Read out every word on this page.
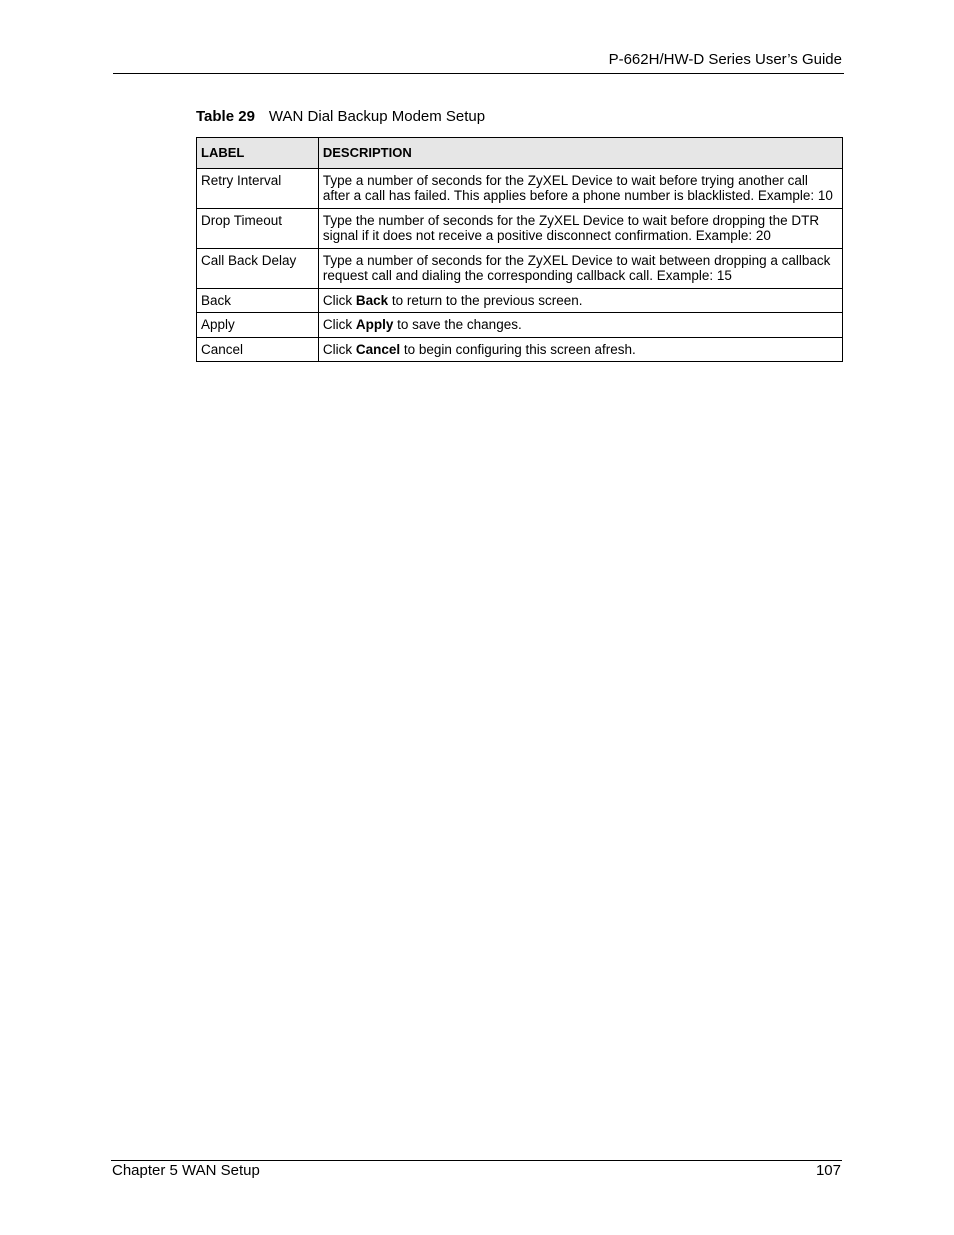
P-662H/HW-D Series User’s Guide
Table 29 WAN Dial Backup Modem Setup
LABEL	DESCRIPTION
Retry Interval	Type a number of seconds for the ZyXEL Device to wait before trying another call after a call has failed. This applies before a phone number is blacklisted. Example: 10
Drop Timeout	Type the number of seconds for the ZyXEL Device to wait before dropping the DTR signal if it does not receive a positive disconnect confirmation. Example: 20
Call Back Delay	Type a number of seconds for the ZyXEL Device to wait between dropping a callback request call and dialing the corresponding callback call. Example: 15
Back	Click Back to return to the previous screen.
Apply	Click Apply to save the changes.
Cancel	Click Cancel to begin configuring this screen afresh.
Chapter 5 WAN Setup	107
